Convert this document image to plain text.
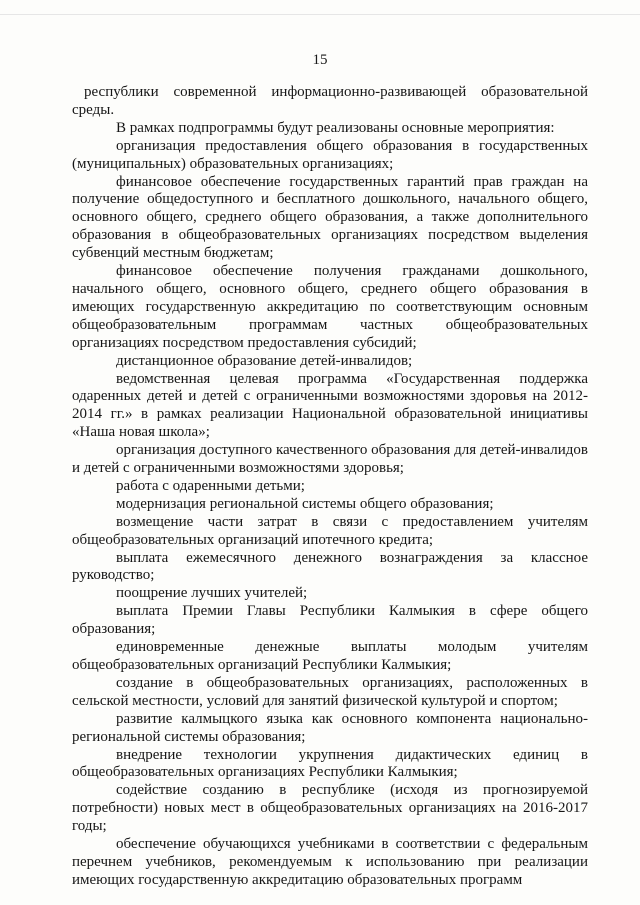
15

республики современной информационно-развивающей образовательной среды.

В рамках подпрограммы будут реализованы основные мероприятия:

организация предоставления общего образования в государственных (муниципальных) образовательных организациях;

финансовое обеспечение государственных гарантий прав граждан на получение общедоступного и бесплатного дошкольного, начального общего, основного общего, среднего общего образования, а также дополнительного образования в общеобразовательных организациях посредством выделения субвенций местным бюджетам;

финансовое обеспечение получения гражданами дошкольного, начального общего, основного общего, среднего общего образования в имеющих государственную аккредитацию по соответствующим основным общеобразовательным программам частных общеобразовательных организациях посредством предоставления субсидий;

дистанционное образование детей-инвалидов;

ведомственная целевая программа «Государственная поддержка одаренных детей и детей с ограниченными возможностями здоровья на 2012-2014 гг.» в рамках реализации Национальной образовательной инициативы «Наша новая школа»;

организация доступного качественного образования для детей-инвалидов и детей с ограниченными возможностями здоровья;

работа с одаренными детьми;

модернизация региональной системы общего образования;

возмещение части затрат в связи с предоставлением учителям общеобразовательных организаций ипотечного кредита;

выплата ежемесячного денежного вознаграждения за классное руководство;

поощрение лучших учителей;

выплата Премии Главы Республики Калмыкия в сфере общего образования;

единовременные денежные выплаты молодым учителям общеобразовательных организаций Республики Калмыкия;

создание в общеобразовательных организациях, расположенных в сельской местности, условий для занятий физической культурой и спортом;

развитие калмыцкого языка как основного компонента национально-региональной системы образования;

внедрение технологии укрупнения дидактических единиц в общеобразовательных организациях Республики Калмыкия;

содействие созданию в республике (исходя из прогнозируемой потребности) новых мест в общеобразовательных организациях на 2016-2017 годы;

обеспечение обучающихся учебниками в соответствии с федеральным перечнем учебников, рекомендуемым к использованию при реализации имеющих государственную аккредитацию образовательных программ
